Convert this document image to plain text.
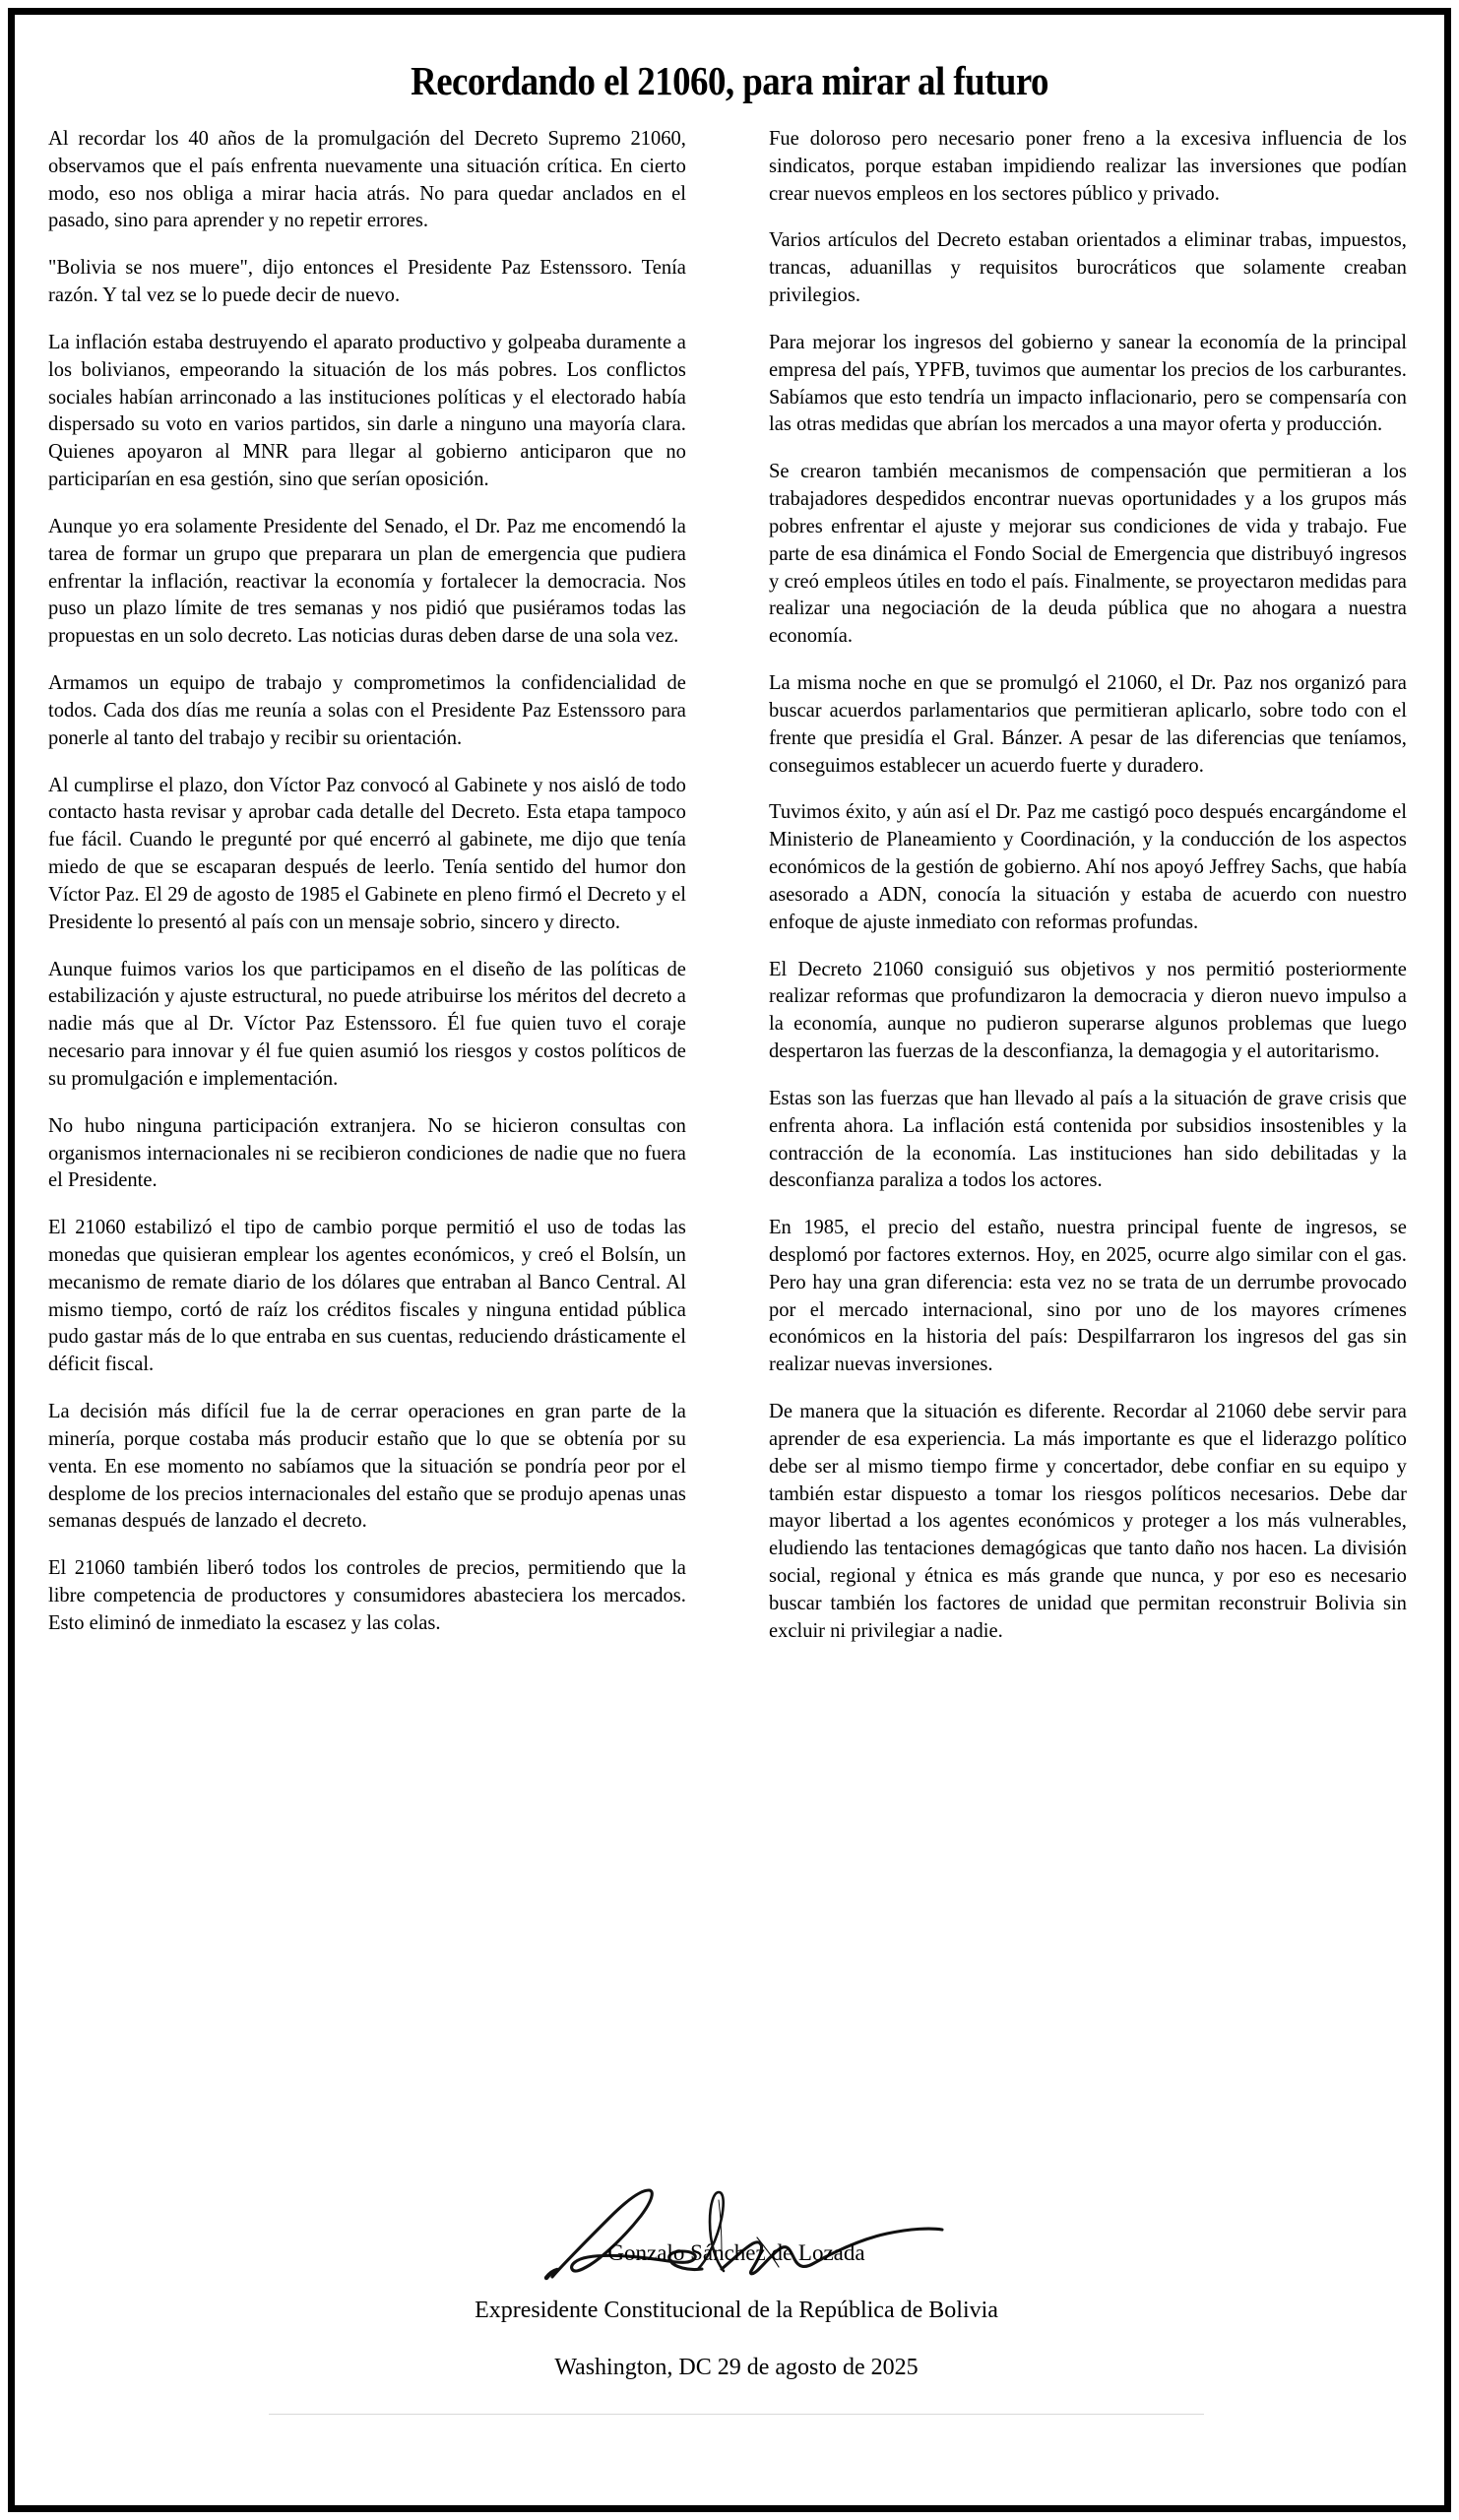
Recordando el 21060, para mirar al futuro

Al recordar los 40 años de la promulgación del Decreto Supremo 21060, observamos que el país enfrenta nuevamente una situación crítica. En cierto modo, eso nos obliga a mirar hacia atrás. No para quedar anclados en el pasado, sino para aprender y no repetir errores.

"Bolivia se nos muere", dijo entonces el Presidente Paz Estenssoro. Tenía razón. Y tal vez se lo puede decir de nuevo.

La inflación estaba destruyendo el aparato productivo y golpeaba duramente a los bolivianos, empeorando la situación de los más pobres. Los conflictos sociales habían arrinconado a las instituciones políticas y el electorado había dispersado su voto en varios partidos, sin darle a ninguno una mayoría clara. Quienes apoyaron al MNR para llegar al gobierno anticiparon que no participarían en esa gestión, sino que serían oposición.

Aunque yo era solamente Presidente del Senado, el Dr. Paz me encomendó la tarea de formar un grupo que preparara un plan de emergencia que pudiera enfrentar la inflación, reactivar la economía y fortalecer la democracia. Nos puso un plazo límite de tres semanas y nos pidió que pusiéramos todas las propuestas en un solo decreto. Las noticias duras deben darse de una sola vez.

Armamos un equipo de trabajo y comprometimos la confidencialidad de todos. Cada dos días me reunía a solas con el Presidente Paz Estenssoro para ponerle al tanto del trabajo y recibir su orientación.

Al cumplirse el plazo, don Víctor Paz convocó al Gabinete y nos aisló de todo contacto hasta revisar y aprobar cada detalle del Decreto. Esta etapa tampoco fue fácil. Cuando le pregunté por qué encerró al gabinete, me dijo que tenía miedo de que se escaparan después de leerlo. Tenía sentido del humor don Víctor Paz. El 29 de agosto de 1985 el Gabinete en pleno firmó el Decreto y el Presidente lo presentó al país con un mensaje sobrio, sincero y directo.

Aunque fuimos varios los que participamos en el diseño de las políticas de estabilización y ajuste estructural, no puede atribuirse los méritos del decreto a nadie más que al Dr. Víctor Paz Estenssoro. Él fue quien tuvo el coraje necesario para innovar y él fue quien asumió los riesgos y costos políticos de su promulgación e implementación.

No hubo ninguna participación extranjera. No se hicieron consultas con organismos internacionales ni se recibieron condiciones de nadie que no fuera el Presidente.

El 21060 estabilizó el tipo de cambio porque permitió el uso de todas las monedas que quisieran emplear los agentes económicos, y creó el Bolsín, un mecanismo de remate diario de los dólares que entraban al Banco Central. Al mismo tiempo, cortó de raíz los créditos fiscales y ninguna entidad pública pudo gastar más de lo que entraba en sus cuentas, reduciendo drásticamente el déficit fiscal.

La decisión más difícil fue la de cerrar operaciones en gran parte de la minería, porque costaba más producir estaño que lo que se obtenía por su venta. En ese momento no sabíamos que la situación se pondría peor por el desplome de los precios internacionales del estaño que se produjo apenas unas semanas después de lanzado el decreto.

El 21060 también liberó todos los controles de precios, permitiendo que la libre competencia de productores y consumidores abasteciera los mercados. Esto eliminó de inmediato la escasez y las colas.

Fue doloroso pero necesario poner freno a la excesiva influencia de los sindicatos, porque estaban impidiendo realizar las inversiones que podían crear nuevos empleos en los sectores público y privado.

Varios artículos del Decreto estaban orientados a eliminar trabas, impuestos, trancas, aduanillas y requisitos burocráticos que solamente creaban privilegios.

Para mejorar los ingresos del gobierno y sanear la economía de la principal empresa del país, YPFB, tuvimos que aumentar los precios de los carburantes. Sabíamos que esto tendría un impacto inflacionario, pero se compensaría con las otras medidas que abrían los mercados a una mayor oferta y producción.

Se crearon también mecanismos de compensación que permitieran a los trabajadores despedidos encontrar nuevas oportunidades y a los grupos más pobres enfrentar el ajuste y mejorar sus condiciones de vida y trabajo. Fue parte de esa dinámica el Fondo Social de Emergencia que distribuyó ingresos y creó empleos útiles en todo el país. Finalmente, se proyectaron medidas para realizar una negociación de la deuda pública que no ahogara a nuestra economía.

La misma noche en que se promulgó el 21060, el Dr. Paz nos organizó para buscar acuerdos parlamentarios que permitieran aplicarlo, sobre todo con el frente que presidía el Gral. Bánzer. A pesar de las diferencias que teníamos, conseguimos establecer un acuerdo fuerte y duradero.

Tuvimos éxito, y aún así el Dr. Paz me castigó poco después encargándome el Ministerio de Planeamiento y Coordinación, y la conducción de los aspectos económicos de la gestión de gobierno. Ahí nos apoyó Jeffrey Sachs, que había asesorado a ADN, conocía la situación y estaba de acuerdo con nuestro enfoque de ajuste inmediato con reformas profundas.

El Decreto 21060 consiguió sus objetivos y nos permitió posteriormente realizar reformas que profundizaron la democracia y dieron nuevo impulso a la economía, aunque no pudieron superarse algunos problemas que luego despertaron las fuerzas de la desconfianza, la demagogia y el autoritarismo.

Estas son las fuerzas que han llevado al país a la situación de grave crisis que enfrenta ahora. La inflación está contenida por subsidios insostenibles y la contracción de la economía. Las instituciones han sido debilitadas y la desconfianza paraliza a todos los actores.

En 1985, el precio del estaño, nuestra principal fuente de ingresos, se desplomó por factores externos. Hoy, en 2025, ocurre algo similar con el gas. Pero hay una gran diferencia: esta vez no se trata de un derrumbe provocado por el mercado internacional, sino por uno de los mayores crímenes económicos en la historia del país: Despilfarraron los ingresos del gas sin realizar nuevas inversiones.

De manera que la situación es diferente. Recordar al 21060 debe servir para aprender de esa experiencia. La más importante es que el liderazgo político debe ser al mismo tiempo firme y concertador, debe confiar en su equipo y también estar dispuesto a tomar los riesgos políticos necesarios. Debe dar mayor libertad a los agentes económicos y proteger a los más vulnerables, eludiendo las tentaciones demagógicas que tanto daño nos hacen. La división social, regional y étnica es más grande que nunca, y por eso es necesario buscar también los factores de unidad que permitan reconstruir Bolivia sin excluir ni privilegiar a nadie.

Gonzalo Sánchez de Lozada

Expresidente Constitucional de la República de Bolivia

Washington, DC 29 de agosto de 2025
